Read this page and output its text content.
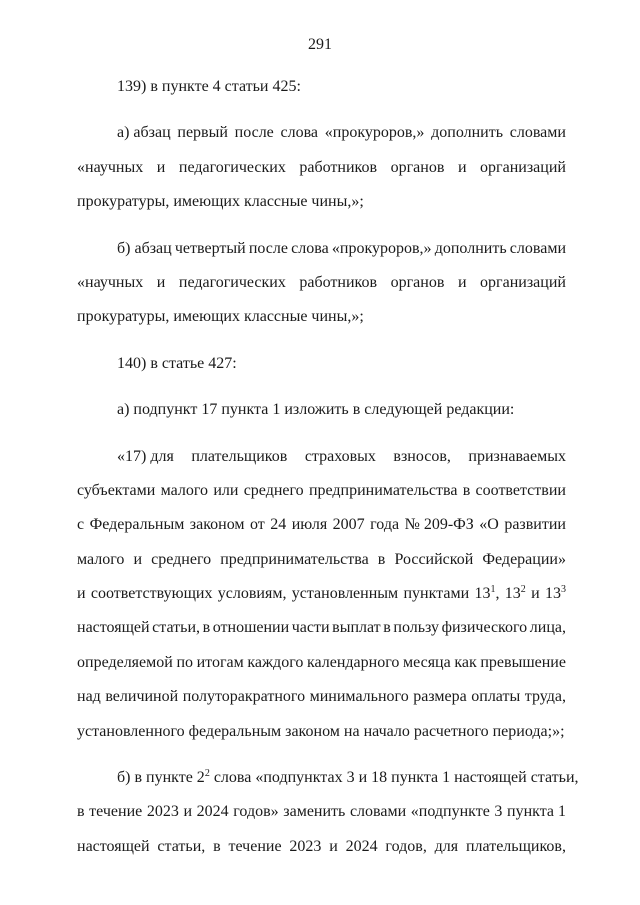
291
139) в пункте 4 статьи 425:
а) абзац первый после слова «прокуроров,» дополнить словами
«научных и педагогических работников органов и организаций
прокуратуры, имеющих классные чины,»;
б) абзац четвертый после слова «прокуроров,» дополнить словами
«научных и педагогических работников органов и организаций
прокуратуры, имеющих классные чины,»;
140) в статье 427:
а) подпункт 17 пункта 1 изложить в следующей редакции:
«17) для плательщиков страховых взносов, признаваемых
субъектами малого или среднего предпринимательства в соответствии
с Федеральным законом от 24 июля 2007 года № 209-ФЗ «О развитии
малого и среднего предпринимательства в Российской Федерации»
и соответствующих условиям, установленным пунктами $13^1$, $13^2$ и $13^3$
настоящей статьи, в отношении части выплат в пользу физического лица,
определяемой по итогам каждого календарного месяца как превышение
над величиной полуторакратного минимального размера оплаты труда,
установленного федеральным законом на начало расчетного периода;»;
б) в пункте $2^2$ слова «подпунктах 3 и 18 пункта 1 настоящей статьи,
в течение 2023 и 2024 годов» заменить словами «подпункте 3 пункта 1
настоящей статьи, в течение 2023 и 2024 годов, для плательщиков,
